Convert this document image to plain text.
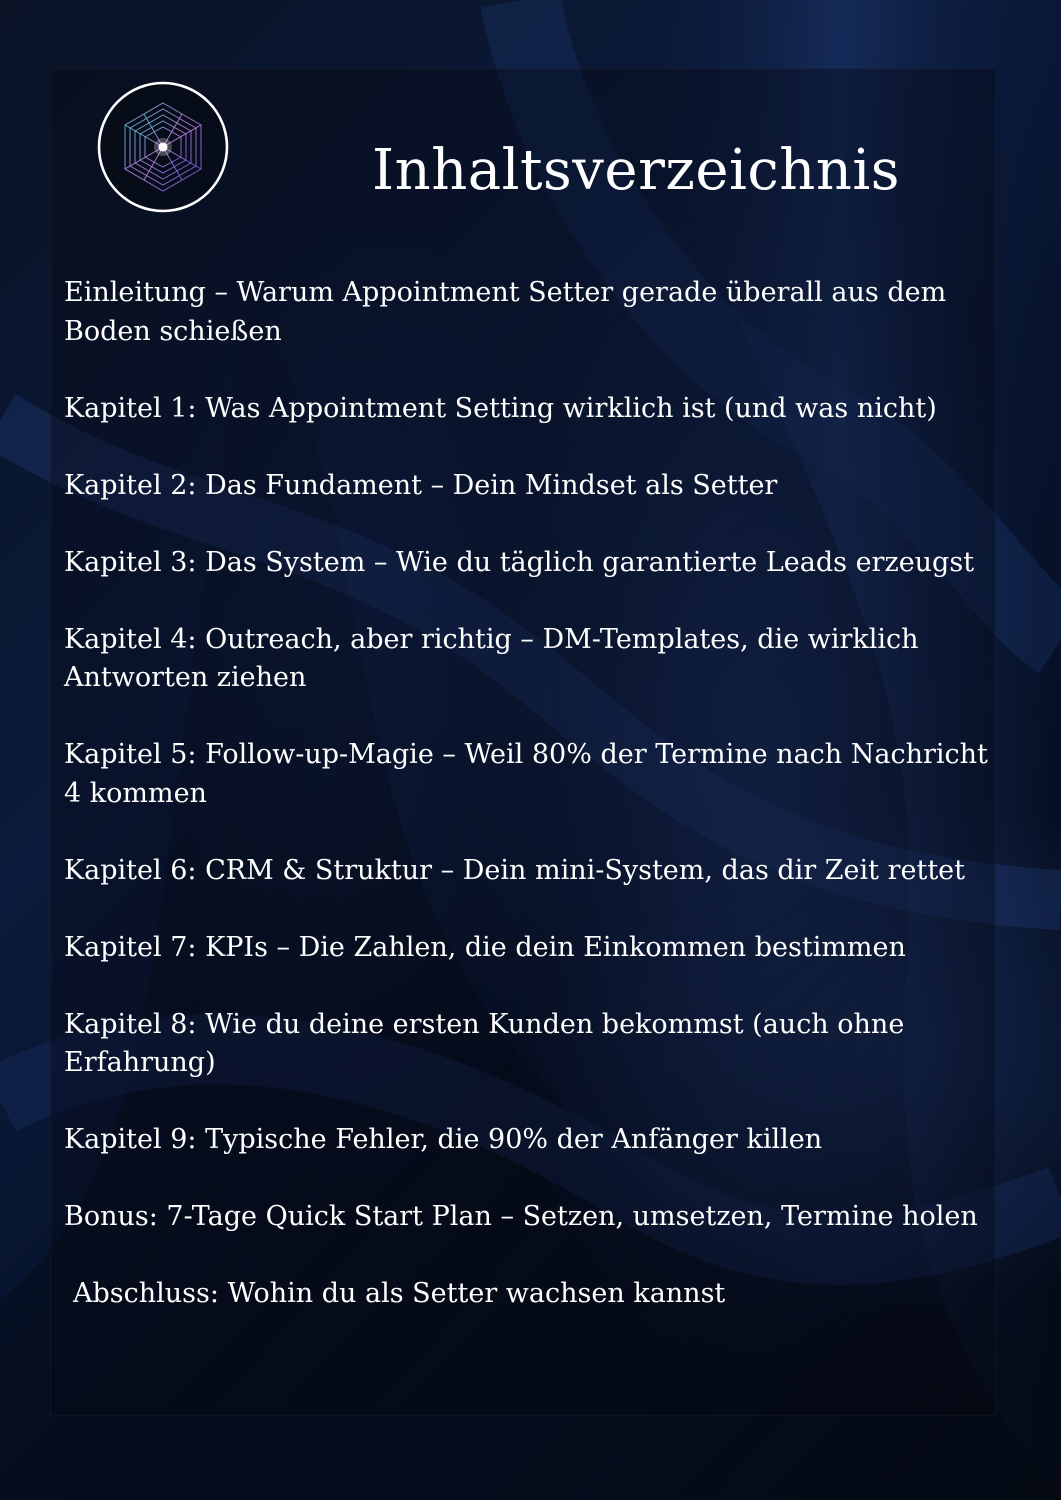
Inhaltsverzeichnis
Einleitung – Warum Appointment Setter gerade überall aus dem Boden schießen
Kapitel 1: Was Appointment Setting wirklich ist (und was nicht)
Kapitel 2: Das Fundament – Dein Mindset als Setter
Kapitel 3: Das System – Wie du täglich garantierte Leads erzeugst
Kapitel 4: Outreach, aber richtig – DM-Templates, die wirklich Antworten ziehen
Kapitel 5: Follow-up-Magie – Weil 80% der Termine nach Nachricht 4 kommen
Kapitel 6: CRM & Struktur – Dein mini-System, das dir Zeit rettet
Kapitel 7: KPIs – Die Zahlen, die dein Einkommen bestimmen
Kapitel 8: Wie du deine ersten Kunden bekommst (auch ohne Erfahrung)
Kapitel 9: Typische Fehler, die 90% der Anfänger killen
Bonus: 7-Tage Quick Start Plan – Setzen, umsetzen, Termine holen
Abschluss: Wohin du als Setter wachsen kannst
